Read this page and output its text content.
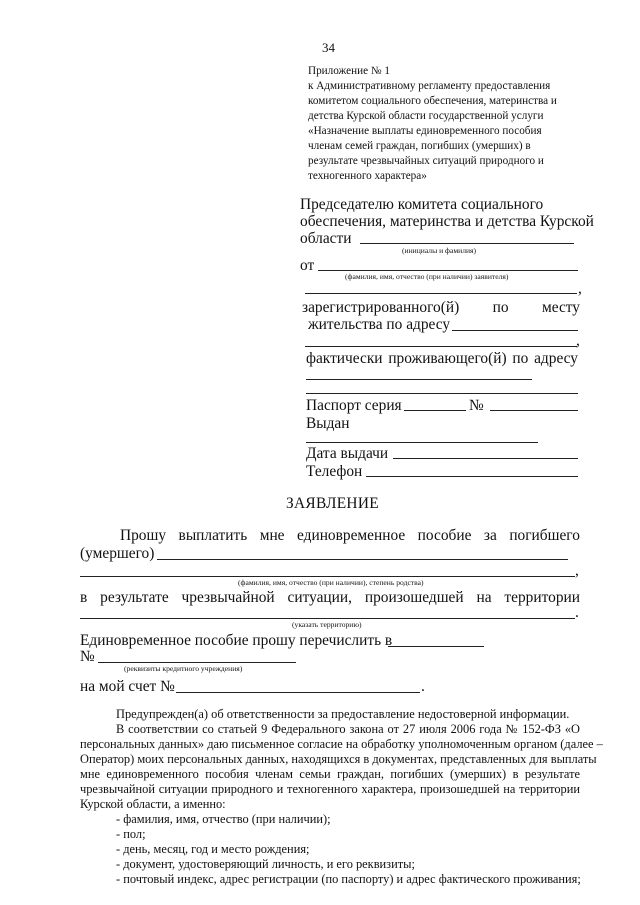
34
Приложение № 1
к Административному регламенту предоставления
комитетом социального обеспечения, материнства и
детства Курской области государственной услуги
«Назначение выплаты единовременного пособия
членам семей граждан, погибших (умерших) в
результате чрезвычайных ситуаций природного и
техногенного характера»
Председателю комитета социального
обеспечения, материнства и детства Курской
области
(инициалы и фамилия)
от
(фамилия, имя, отчество (при наличии) заявителя)
,
зарегистрированного(й) по месту
жительства по адресу
,
фактически проживающего(й) по адресу
Паспорт серия	№
Выдан
Дата выдачи
Телефон
ЗАЯВЛЕНИЕ
Прошу выплатить мне единовременное пособие за погибшего
(умершего)
,
(фамилия, имя, отчество (при наличии), степень родства)
в результате чрезвычайной ситуации, произошедшей на территории
.
(указать территорию)
Единовременное пособие прошу перечислить в
№
(реквизиты кредитного учреждения)
на мой счет №	.
Предупрежден(а) об ответственности за предоставление недостоверной информации.
В соответствии со статьей 9 Федерального закона от 27 июля 2006 года № 152-ФЗ «О
персональных данных» даю письменное согласие на обработку уполномоченным органом (далее –
Оператор) моих персональных данных, находящихся в документах, представленных для выплаты
мне единовременного пособия членам семьи граждан, погибших (умерших) в результате
чрезвычайной ситуации природного и техногенного характера, произошедшей на территории
Курской области, а именно:
- фамилия, имя, отчество (при наличии);
- пол;
- день, месяц, год и место рождения;
- документ, удостоверяющий личность, и его реквизиты;
- почтовый индекс, адрес регистрации (по паспорту) и адрес фактического проживания;
